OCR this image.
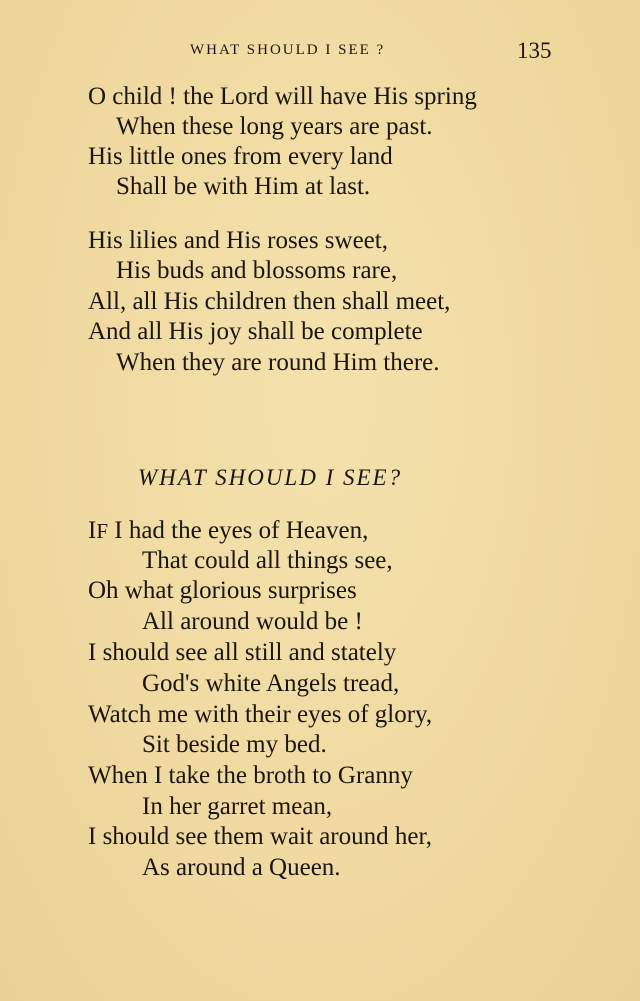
WHAT SHOULD I SEE ?	135
O child ! the Lord will have His spring
When these long years are past.
His little ones from every land
Shall be with Him at last.
His lilies and His roses sweet,
His buds and blossoms rare,
All, all His children then shall meet,
And all His joy shall be complete
When they are round Him there.
WHAT SHOULD I SEE?
IF I had the eyes of Heaven,
That could all things see,
Oh what glorious surprises
All around would be !
I should see all still and stately
God's white Angels tread,
Watch me with their eyes of glory,
Sit beside my bed.
When I take the broth to Granny
In her garret mean,
I should see them wait around her,
As around a Queen.
